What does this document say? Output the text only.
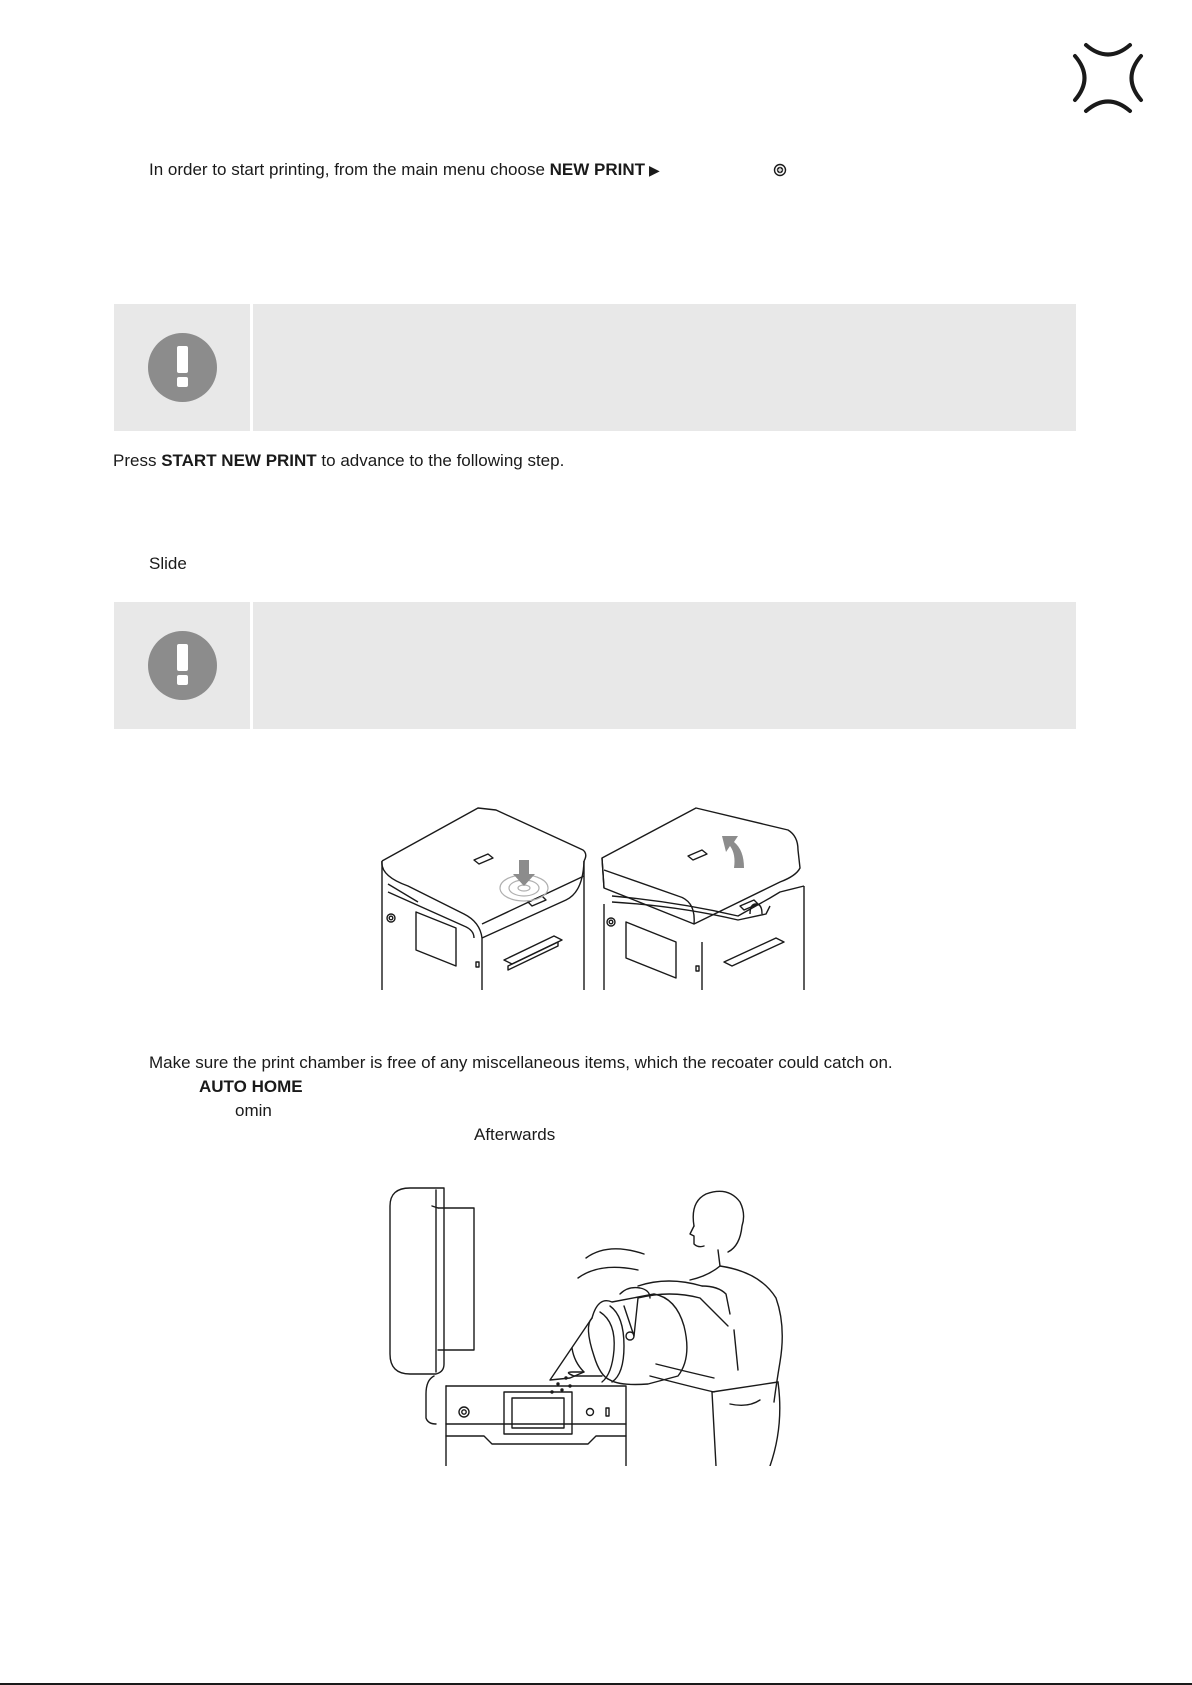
In order to start printing, from the main menu choose NEW PRINT ▶
Press START NEW PRINT to advance to the following step.
Slide
Make sure the print chamber is free of any miscellaneous items, which the recoater could catch on.
AUTO HOME
omin
Afterwards
